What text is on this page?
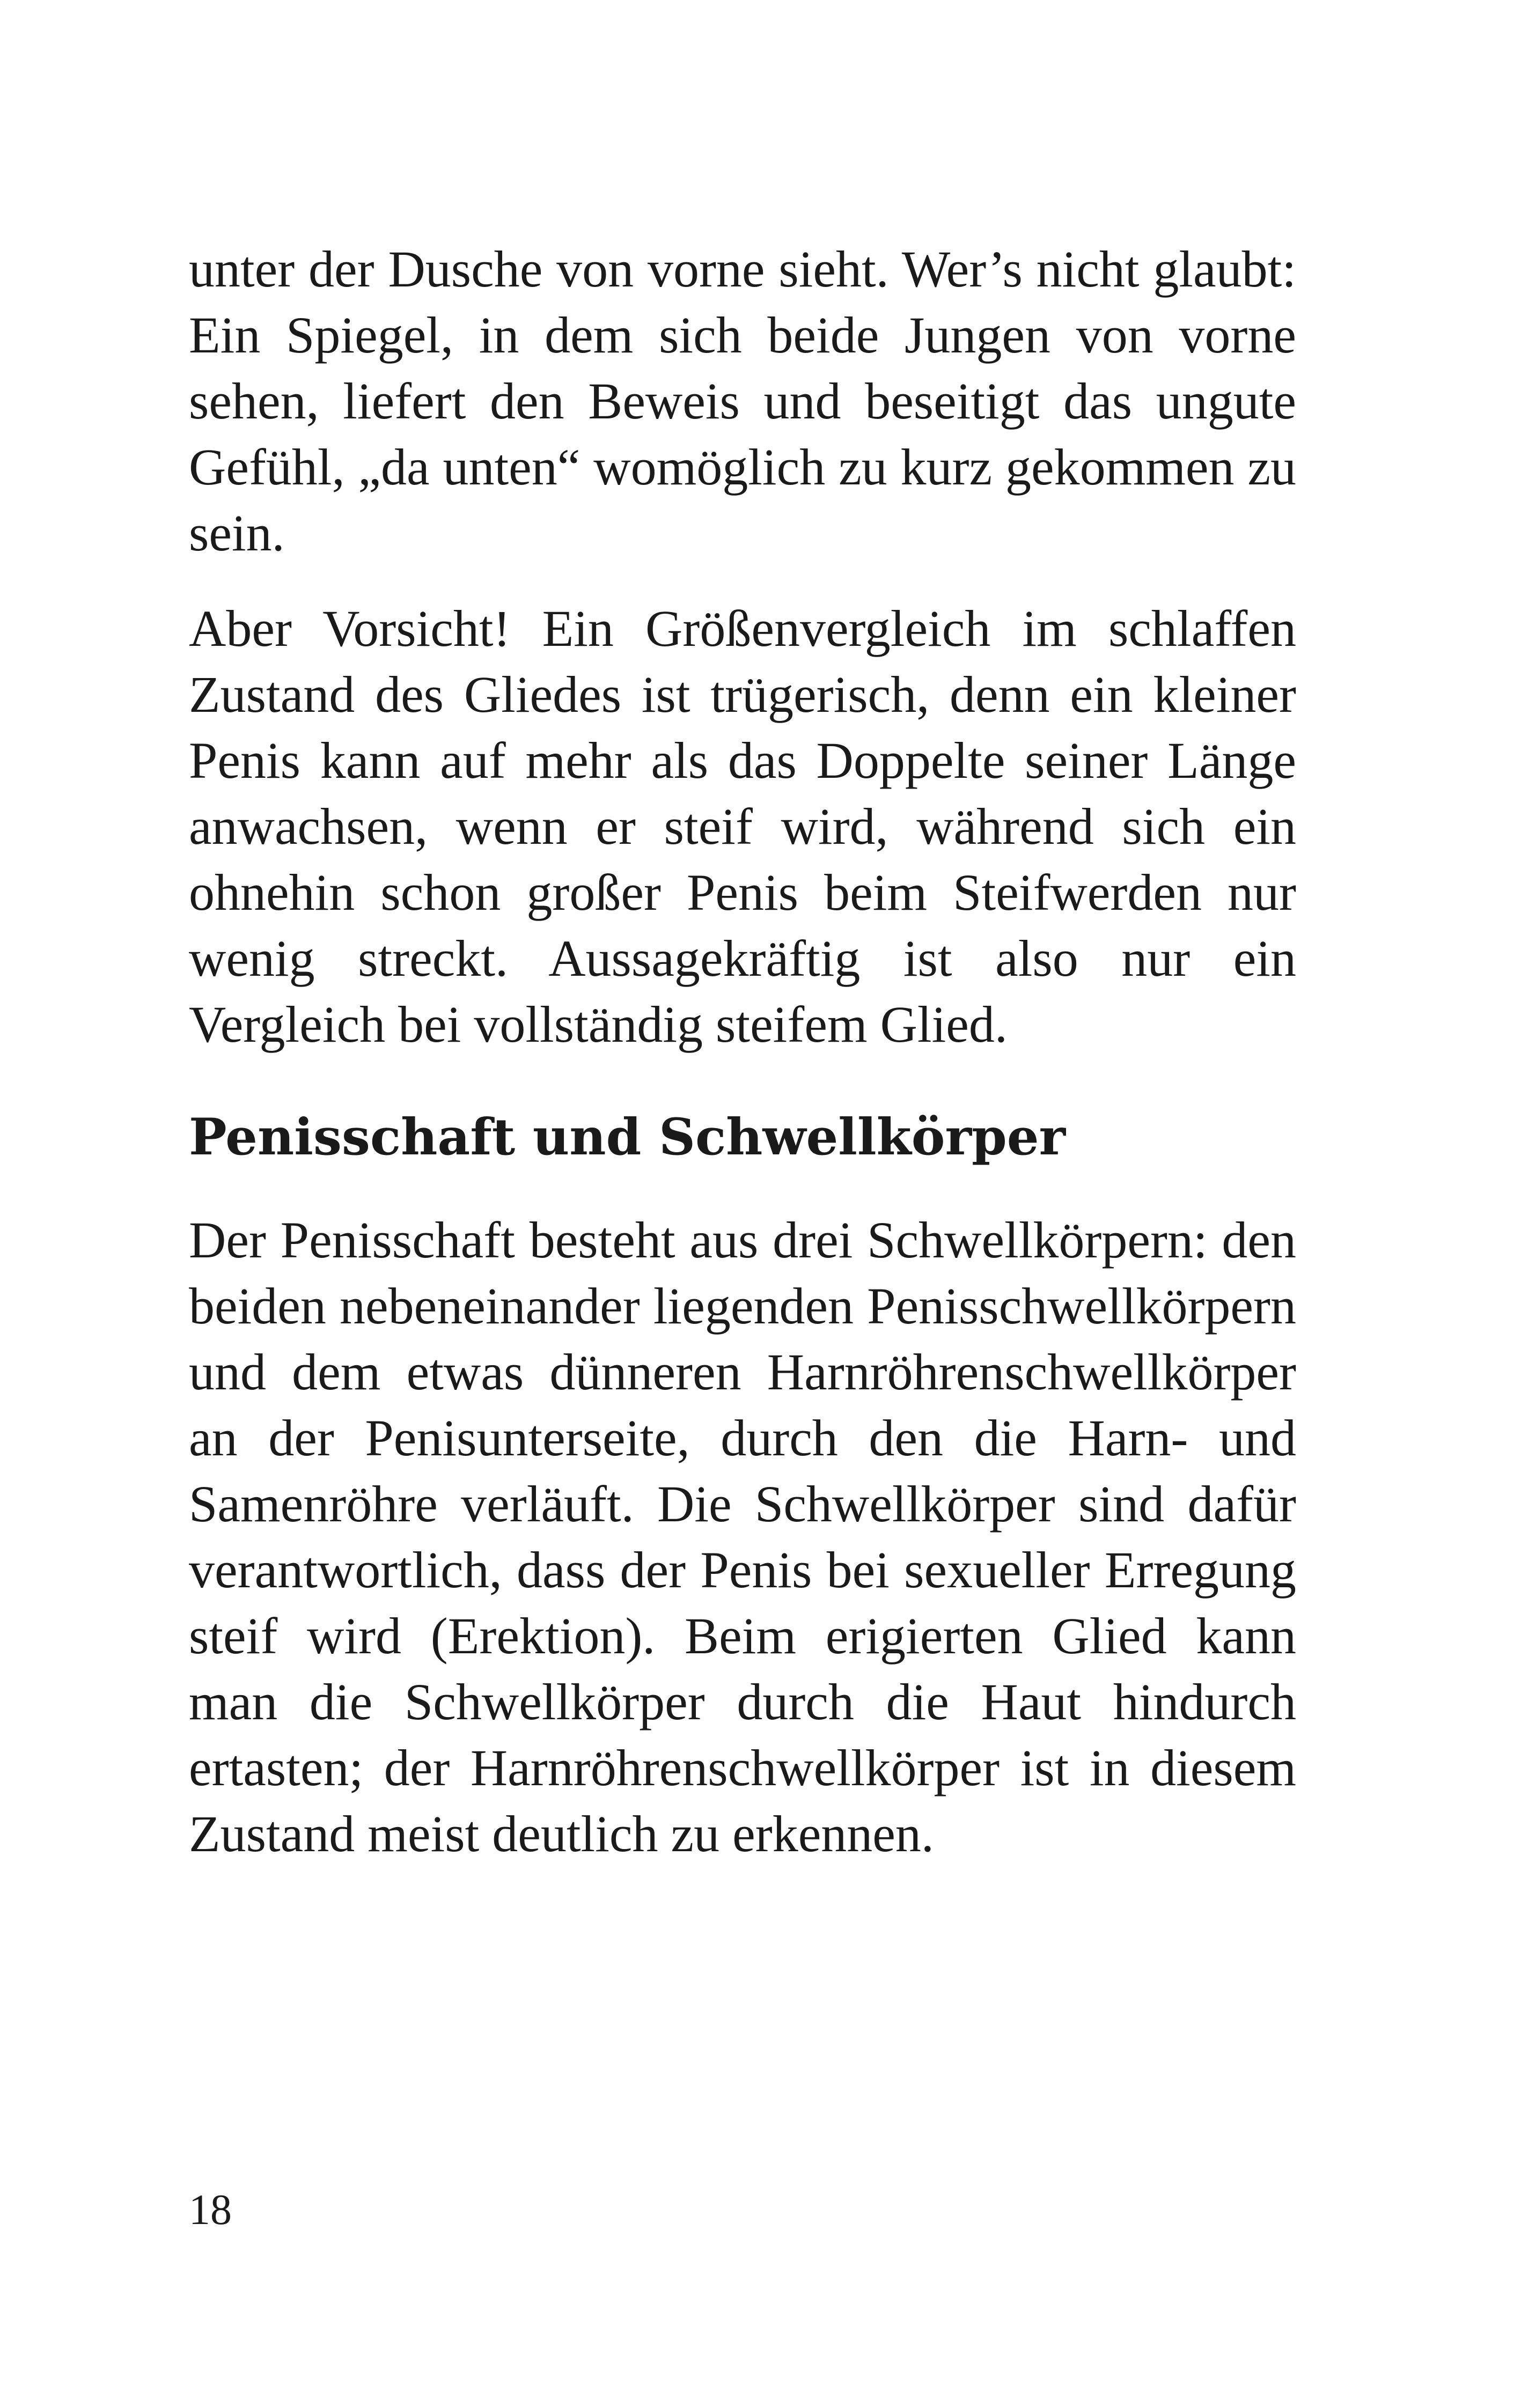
unter der Dusche von vorne sieht. Wer’s nicht glaubt: Ein Spiegel, in dem sich beide Jungen von vorne sehen, liefert den Beweis und beseitigt das ungute Gefühl, „da unten“ womöglich zu kurz gekommen zu sein.

Aber Vorsicht! Ein Größenvergleich im schlaffen Zustand des Gliedes ist trügerisch, denn ein kleiner Penis kann auf mehr als das Doppelte seiner Länge anwachsen, wenn er steif wird, während sich ein ohnehin schon großer Penis beim Steifwerden nur wenig streckt. Aussagekräftig ist also nur ein Vergleich bei vollständig steifem Glied.

Penisschaft und Schwellkörper

Der Penisschaft besteht aus drei Schwellkörpern: den beiden nebeneinander liegenden Penisschwellkörpern und dem etwas dünneren Harnröhrenschwellkörper an der Penisunterseite, durch den die Harn- und Samenröhre verläuft. Die Schwellkörper sind dafür verantwortlich, dass der Penis bei sexueller Erregung steif wird (Erektion). Beim erigierten Glied kann man die Schwellkörper durch die Haut hindurch ertasten; der Harnröhrenschwellkörper ist in diesem Zustand meist deutlich zu erkennen.

18
